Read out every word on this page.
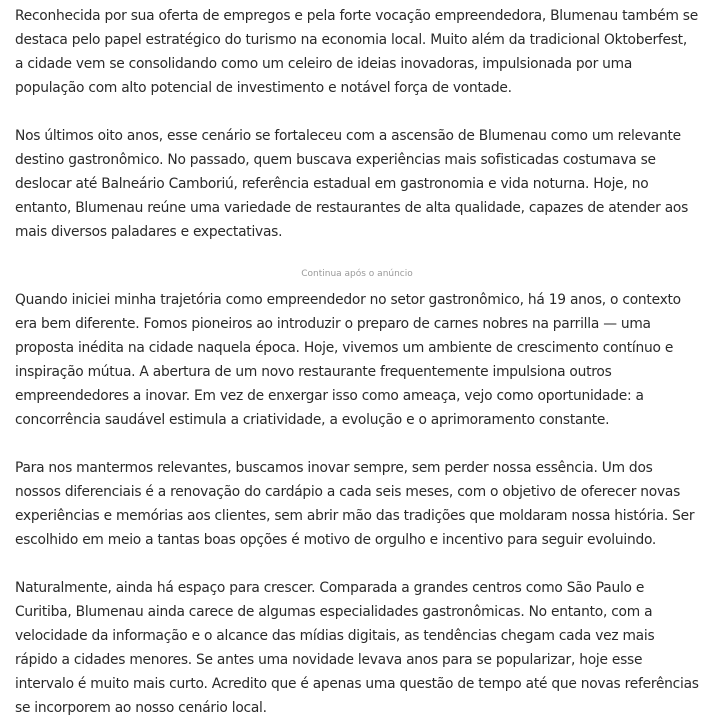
Reconhecida por sua oferta de empregos e pela forte vocação empreendedora, Blumenau também se destaca pelo papel estratégico do turismo na economia local. Muito além da tradicional Oktoberfest, a cidade vem se consolidando como um celeiro de ideias inovadoras, impulsionada por uma população com alto potencial de investimento e notável força de vontade.

Nos últimos oito anos, esse cenário se fortaleceu com a ascensão de Blumenau como um relevante destino gastronômico. No passado, quem buscava experiências mais sofisticadas costumava se deslocar até Balneário Camboriú, referência estadual em gastronomia e vida noturna. Hoje, no entanto, Blumenau reúne uma variedade de restaurantes de alta qualidade, capazes de atender aos mais diversos paladares e expectativas.

Continua após o anúncio

Quando iniciei minha trajetória como empreendedor no setor gastronômico, há 19 anos, o contexto era bem diferente. Fomos pioneiros ao introduzir o preparo de carnes nobres na parrilla — uma proposta inédita na cidade naquela época. Hoje, vivemos um ambiente de crescimento contínuo e inspiração mútua. A abertura de um novo restaurante frequentemente impulsiona outros empreendedores a inovar. Em vez de enxergar isso como ameaça, vejo como oportunidade: a concorrência saudável estimula a criatividade, a evolução e o aprimoramento constante.

Para nos mantermos relevantes, buscamos inovar sempre, sem perder nossa essência. Um dos nossos diferenciais é a renovação do cardápio a cada seis meses, com o objetivo de oferecer novas experiências e memórias aos clientes, sem abrir mão das tradições que moldaram nossa história. Ser escolhido em meio a tantas boas opções é motivo de orgulho e incentivo para seguir evoluindo.

Naturalmente, ainda há espaço para crescer. Comparada a grandes centros como São Paulo e Curitiba, Blumenau ainda carece de algumas especialidades gastronômicas. No entanto, com a velocidade da informação e o alcance das mídias digitais, as tendências chegam cada vez mais rápido a cidades menores. Se antes uma novidade levava anos para se popularizar, hoje esse intervalo é muito mais curto. Acredito que é apenas uma questão de tempo até que novas referências se incorporem ao nosso cenário local.
